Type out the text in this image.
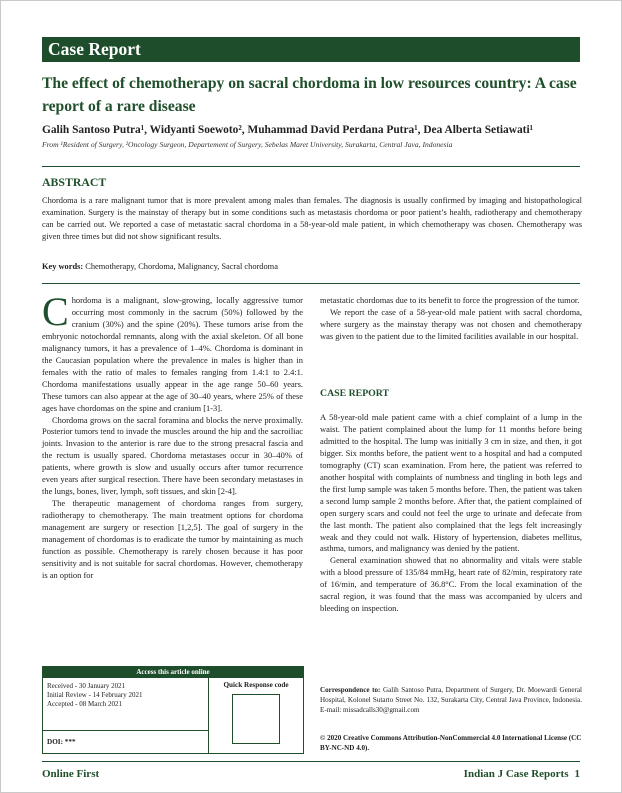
Case Report
The effect of chemotherapy on sacral chordoma in low resources country: A case report of a rare disease
Galih Santoso Putra¹, Widyanti Soewoto², Muhammad David Perdana Putra¹, Dea Alberta Setiawati¹
From ¹Resident of Surgery, ²Oncology Surgeon, Departement of Surgery, Sebelas Maret University, Surakarta, Central Java, Indonesia
ABSTRACT
Chordoma is a rare malignant tumor that is more prevalent among males than females. The diagnosis is usually confirmed by imaging and histopathological examination. Surgery is the mainstay of therapy but in some conditions such as metastasis chordoma or poor patient’s health, radiotherapy and chemotherapy can be carried out. We reported a case of metastatic sacral chordoma in a 58-year-old male patient, in which chemotherapy was chosen. Chemotherapy was given three times but did not show significant results.
Key words: Chemotherapy, Chordoma, Malignancy, Sacral chordoma

Chordoma is a malignant, slow-growing, locally aggressive tumor occurring most commonly in the sacrum (50%) followed by the cranium (30%) and the spine (20%). These tumors arise from the embryonic notochordal remnants, along with the axial skeleton. Of all bone malignancy tumors, it has a prevalence of 1–4%. Chordoma is dominant in the Caucasian population where the prevalence in males is higher than in females with the ratio of males to females ranging from 1.4:1 to 2.4:1. Chordoma manifestations usually appear in the age range 50–60 years. These tumors can also appear at the age of 30–40 years, where 25% of these ages have chordomas on the spine and cranium [1-3].

Chordoma grows on the sacral foramina and blocks the nerve proximally. Posterior tumors tend to invade the muscles around the hip and the sacroiliac joints. Invasion to the anterior is rare due to the strong presacral fascia and the rectum is usually spared. Chordoma metastases occur in 30–40% of patients, where growth is slow and usually occurs after tumor recurrence even years after surgical resection. There have been secondary metastases in the lungs, bones, liver, lymph, soft tissues, and skin [2-4].

The therapeutic management of chordoma ranges from surgery, radiotherapy to chemotherapy. The main treatment options for chordoma management are surgery or resection [1,2,5]. The goal of surgery in the management of chordomas is to eradicate the tumor by maintaining as much function as possible. Chemotherapy is rarely chosen because it has poor sensitivity and is not suitable for sacral chordomas. However, chemotherapy is an option for

metastatic chordomas due to its benefit to force the progression of the tumor.

We report the case of a 58-year-old male patient with sacral chordoma, where surgery as the mainstay therapy was not chosen and chemotherapy was given to the patient due to the limited facilities available in our hospital.

CASE REPORT

A 58-year-old male patient came with a chief complaint of a lump in the waist. The patient complained about the lump for 11 months before being admitted to the hospital. The lump was initially 3 cm in size, and then, it got bigger. Six months before, the patient went to a hospital and had a computed tomography (CT) scan examination. From here, the patient was referred to another hospital with complaints of numbness and tingling in both legs and the first lump sample was taken 5 months before. Then, the patient was taken a second lump sample 2 months before. After that, the patient complained of open surgery scars and could not feel the urge to urinate and defecate from the last month. The patient also complained that the legs felt increasingly weak and they could not walk. History of hypertension, diabetes mellitus, asthma, tumors, and malignancy was denied by the patient.

General examination showed that no abnormality and vitals were stable with a blood pressure of 135/84 mmHg, heart rate of 82/min, respiratory rate of 16/min, and temperature of 36.8°C. From the local examination of the sacral region, it was found that the mass was accompanied by ulcers and bleeding on inspection.

Access this article online
Received - 30 January 2021
Initial Review - 14 February 2021
Accepted - 08 March 2021
DOI: ***
Quick Response code
Correspondence to: Galih Santoso Putra, Department of Surgery, Dr. Moewardi General Hospital, Kolonel Sutarto Street No. 132, Surakarta City, Central Java Province, Indonesia. E-mail: missadcalls30@gmail.com
© 2020 Creative Commons Attribution-NonCommercial 4.0 International License (CC BY-NC-ND 4.0).
Online First	Indian J Case Reports 1
